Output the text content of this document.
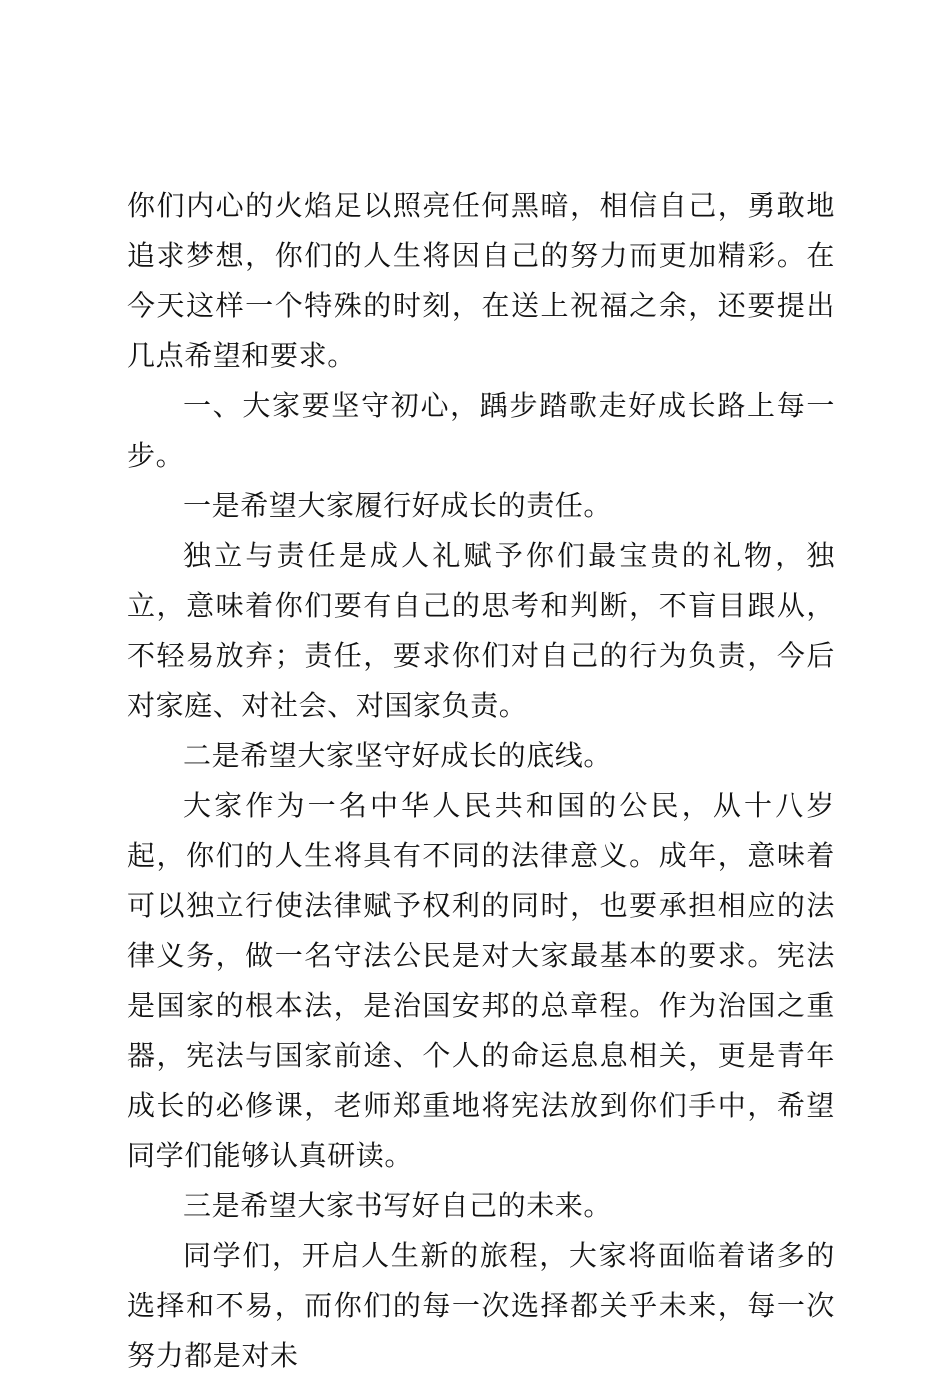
你们内心的火焰足以照亮任何黑暗，相信自己，勇敢地追求梦想，你们的人生将因自己的努力而更加精彩。在今天这样一个特殊的时刻，在送上祝福之余，还要提出几点希望和要求。

一、大家要坚守初心，踽步踏歌走好成长路上每一步。

一是希望大家履行好成长的责任。

独立与责任是成人礼赋予你们最宝贵的礼物，独立，意味着你们要有自己的思考和判断，不盲目跟从，不轻易放弃；责任，要求你们对自己的行为负责，今后对家庭、对社会、对国家负责。

二是希望大家坚守好成长的底线。

大家作为一名中华人民共和国的公民，从十八岁起，你们的人生将具有不同的法律意义。成年，意味着可以独立行使法律赋予权利的同时，也要承担相应的法律义务，做一名守法公民是对大家最基本的要求。宪法是国家的根本法，是治国安邦的总章程。作为治国之重器，宪法与国家前途、个人的命运息息相关，更是青年成长的必修课，老师郑重地将宪法放到你们手中，希望同学们能够认真研读。

三是希望大家书写好自己的未来。

同学们，开启人生新的旅程，大家将面临着诸多的选择和不易，而你们的每一次选择都关乎未来，每一次努力都是对未
